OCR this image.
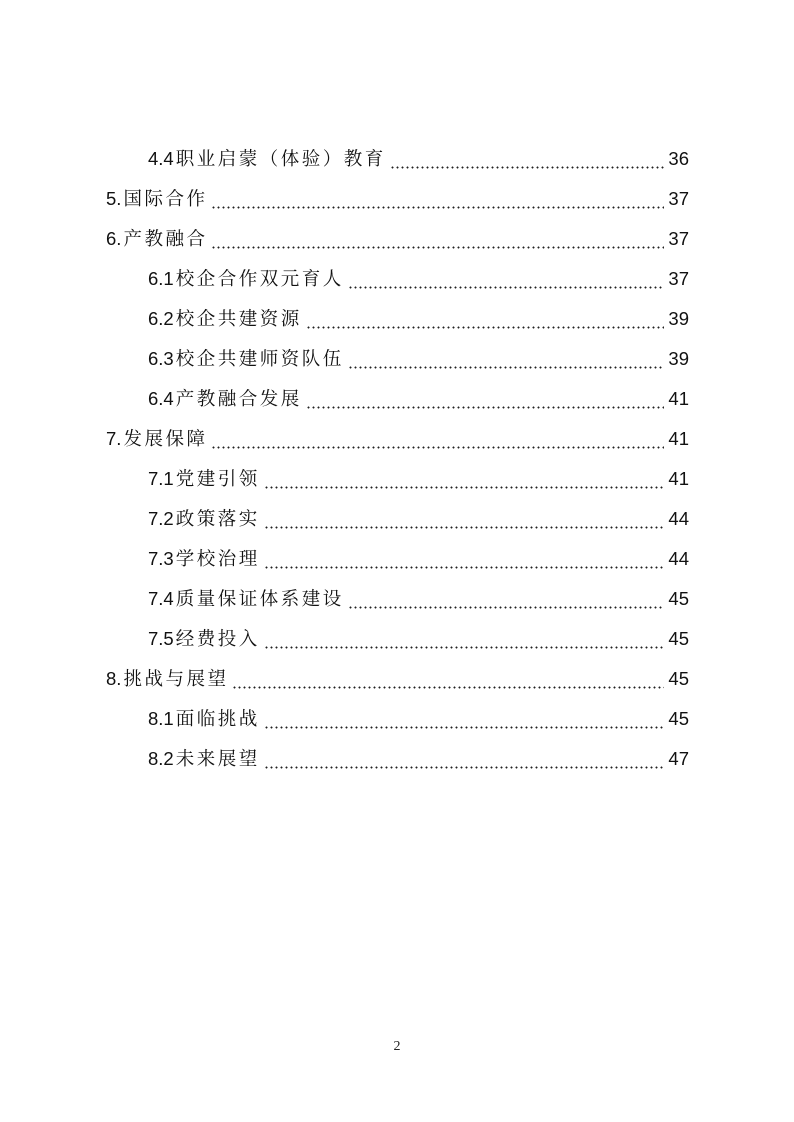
4.4 职业启蒙（体验）教育	36
5. 国际合作	37
6. 产教融合	37
6.1 校企合作双元育人	37
6.2 校企共建资源	39
6.3 校企共建师资队伍	39
6.4 产教融合发展	41
7. 发展保障	41
7.1 党建引领	41
7.2 政策落实	44
7.3 学校治理	44
7.4 质量保证体系建设	45
7.5 经费投入	45
8. 挑战与展望	45
8.1 面临挑战	45
8.2 未来展望	47
2
